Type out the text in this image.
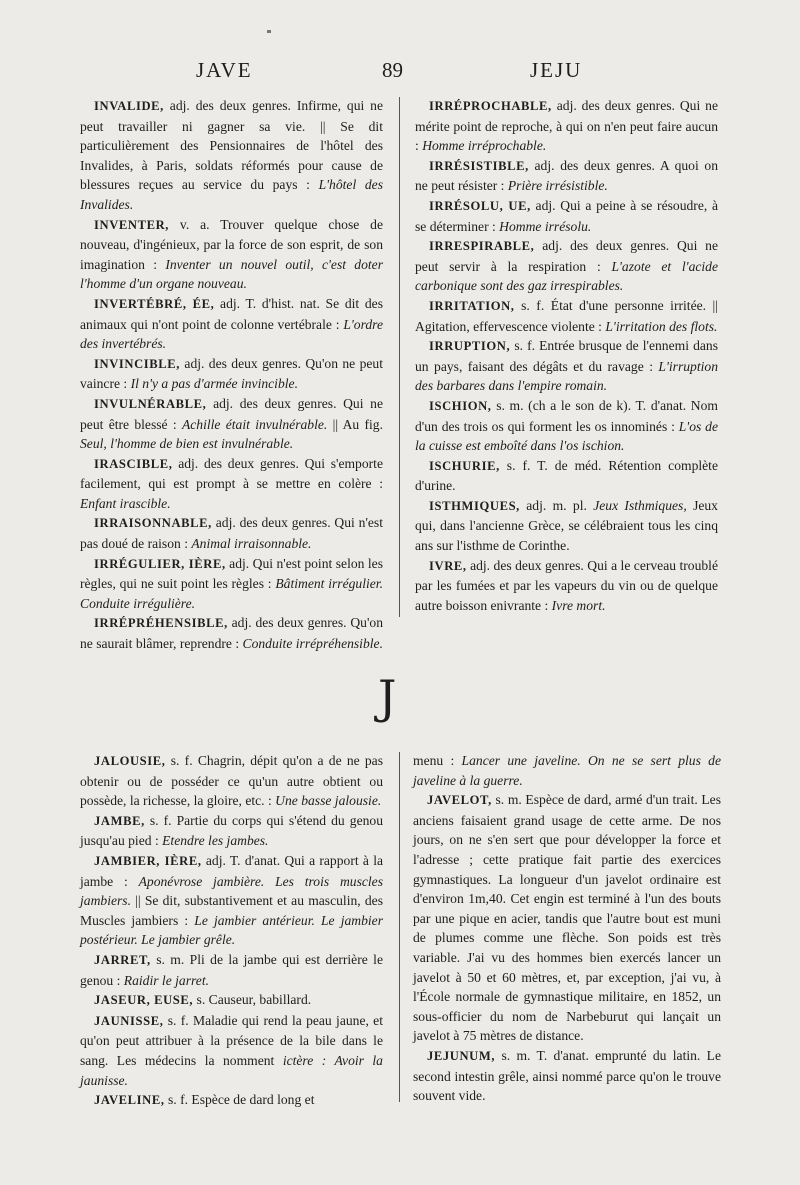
JAVE	89	JEJU

INVALIDE, adj. des deux genres. Infirme, qui ne peut travailler ni gagner sa vie. || Se dit particulièrement des Pensionnaires de l'hôtel des Invalides, à Paris, soldats réformés pour cause de blessures reçues au service du pays : L'hôtel des Invalides.

INVENTER, v. a. Trouver quelque chose de nouveau, d'ingénieux, par la force de son esprit, de son imagination : Inventer un nouvel outil, c'est doter l'homme d'un organe nouveau.

INVERTÉBRÉ, ÉE, adj. T. d'hist. nat. Se dit des animaux qui n'ont point de colonne vertébrale : L'ordre des invertébrés.

INVINCIBLE, adj. des deux genres. Qu'on ne peut vaincre : Il n'y a pas d'armée invincible.

INVULNÉRABLE, adj. des deux genres. Qui ne peut être blessé : Achille était invulnérable. || Au fig. Seul, l'homme de bien est invulnérable.

IRASCIBLE, adj. des deux genres. Qui s'emporte facilement, qui est prompt à se mettre en colère : Enfant irascible.

IRRAISONNABLE, adj. des deux genres. Qui n'est pas doué de raison : Animal irraisonnable.

IRRÉGULIER, IÈRE, adj. Qui n'est point selon les règles, qui ne suit point les règles : Bâtiment irrégulier. Conduite irrégulière.

IRRÉPRÉHENSIBLE, adj. des deux genres. Qu'on ne saurait blâmer, reprendre : Conduite irrépréhensible.

IRRÉPROCHABLE, adj. des deux genres. Qui ne mérite point de reproche, à qui on n'en peut faire aucun : Homme irréprochable.

IRRÉSISTIBLE, adj. des deux genres. A quoi on ne peut résister : Prière irrésistible.

IRRÉSOLU, UE, adj. Qui a peine à se résoudre, à se déterminer : Homme irrésolu.

IRRESPIRABLE, adj. des deux genres. Qui ne peut servir à la respiration : L'azote et l'acide carbonique sont des gaz irrespirables.

IRRITATION, s. f. État d'une personne irritée. || Agitation, effervescence violente : L'irritation des flots.

IRRUPTION, s. f. Entrée brusque de l'ennemi dans un pays, faisant des dégâts et du ravage : L'irruption des barbares dans l'empire romain.

ISCHION, s. m. (ch a le son de k). T. d'anat. Nom d'un des trois os qui forment les os innominés : L'os de la cuisse est emboîté dans l'os ischion.

ISCHURIE, s. f. T. de méd. Rétention complète d'urine.

ISTHMIQUES, adj. m. pl. Jeux Isthmiques, Jeux qui, dans l'ancienne Grèce, se célébraient tous les cinq ans sur l'isthme de Corinthe.

IVRE, adj. des deux genres. Qui a le cerveau troublé par les fumées et par les vapeurs du vin ou de quelque autre boisson enivrante : Ivre mort.

J

JALOUSIE, s. f. Chagrin, dépit qu'on a de ne pas obtenir ou de posséder ce qu'un autre obtient ou possède, la richesse, la gloire, etc. : Une basse jalousie.

JAMBE, s. f. Partie du corps qui s'étend du genou jusqu'au pied : Etendre les jambes.

JAMBIER, IÈRE, adj. T. d'anat. Qui a rapport à la jambe : Aponévrose jambière. Les trois muscles jambiers. || Se dit, substantivement et au masculin, des Muscles jambiers : Le jambier antérieur. Le jambier postérieur. Le jambier grêle.

JARRET, s. m. Pli de la jambe qui est derrière le genou : Raidir le jarret.

JASEUR, EUSE, s. Causeur, babillard.

JAUNISSE, s. f. Maladie qui rend la peau jaune, et qu'on peut attribuer à la présence de la bile dans le sang. Les médecins la nomment ictère : Avoir la jaunisse.

JAVELINE, s. f. Espèce de dard long et

menu : Lancer une javeline. On ne se sert plus de javeline à la guerre.

JAVELOT, s. m. Espèce de dard, armé d'un trait. Les anciens faisaient grand usage de cette arme. De nos jours, on ne s'en sert que pour développer la force et l'adresse ; cette pratique fait partie des exercices gymnastiques. La longueur d'un javelot ordinaire est d'environ 1m,40. Cet engin est terminé à l'un des bouts par une pique en acier, tandis que l'autre bout est muni de plumes comme une flèche. Son poids est très variable. J'ai vu des hommes bien exercés lancer un javelot à 50 et 60 mètres, et, par exception, j'ai vu, à l'École normale de gymnastique militaire, en 1852, un sous-officier du nom de Narbeburut qui lançait un javelot à 75 mètres de distance.

JEJUNUM, s. m. T. d'anat. emprunté du latin. Le second intestin grêle, ainsi nommé parce qu'on le trouve souvent vide.
